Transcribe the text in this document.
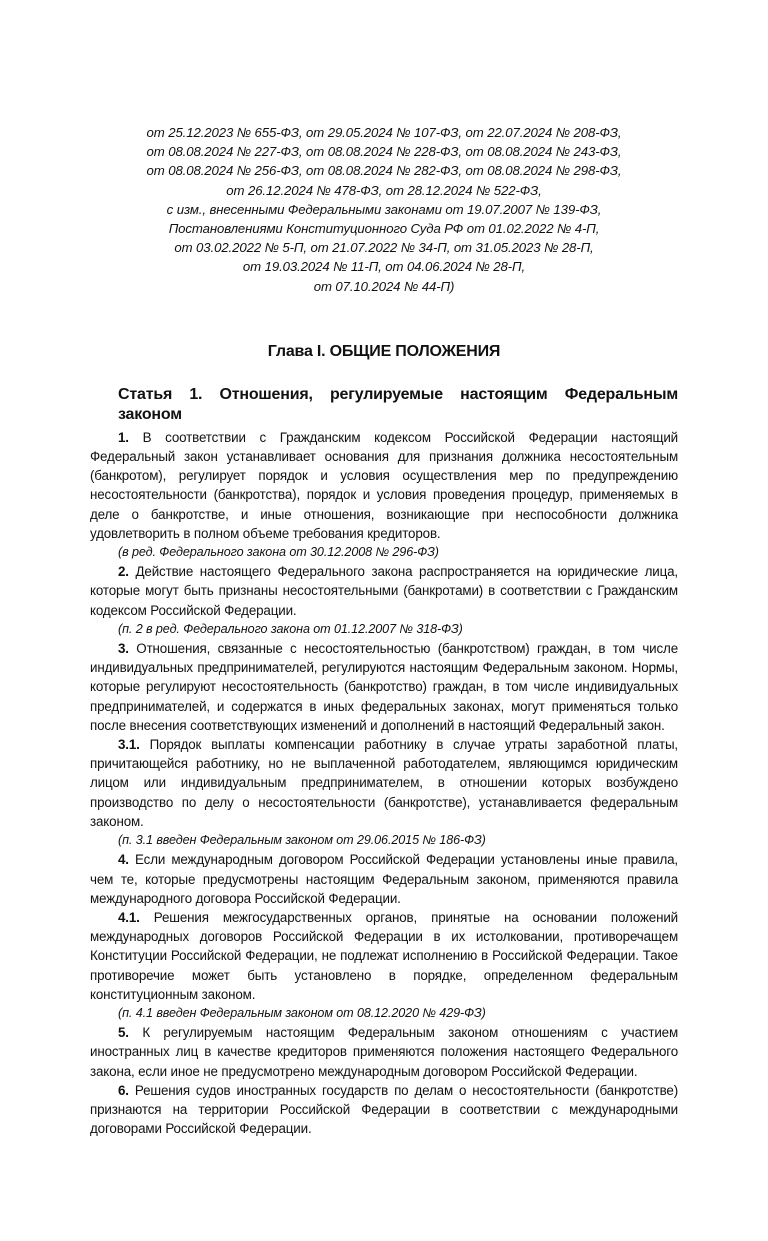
от 25.12.2023 № 655-ФЗ, от 29.05.2024 № 107-ФЗ, от 22.07.2024 № 208-ФЗ,
от 08.08.2024 № 227-ФЗ, от 08.08.2024 № 228-ФЗ, от 08.08.2024 № 243-ФЗ,
от 08.08.2024 № 256-ФЗ, от 08.08.2024 № 282-ФЗ, от 08.08.2024 № 298-ФЗ,
от 26.12.2024 № 478-ФЗ, от 28.12.2024 № 522-ФЗ,
с изм., внесенными Федеральными законами от 19.07.2007 № 139-ФЗ,
Постановлениями Конституционного Суда РФ от 01.02.2022 № 4-П,
от 03.02.2022 № 5-П, от 21.07.2022 № 34-П, от 31.05.2023 № 28-П,
от 19.03.2024 № 11-П, от 04.06.2024 № 28-П,
от 07.10.2024 № 44-П)
Глава I. ОБЩИЕ ПОЛОЖЕНИЯ
Статья 1. Отношения, регулируемые настоящим Федеральным законом

1. В соответствии с Гражданским кодексом Российской Федерации настоящий Федеральный закон устанавливает основания для признания должника несостоятельным (банкротом), регулирует порядок и условия осуществления мер по предупреждению несостоятельности (банкротства), порядок и условия проведения процедур, применяемых в деле о банкротстве, и иные отношения, возникающие при неспособности должника удовлетворить в полном объеме требования кредиторов.

(в ред. Федерального закона от 30.12.2008 № 296-ФЗ)

2. Действие настоящего Федерального закона распространяется на юридические лица, которые могут быть признаны несостоятельными (банкротами) в соответствии с Гражданским кодексом Российской Федерации.

(п. 2 в ред. Федерального закона от 01.12.2007 № 318-ФЗ)

3. Отношения, связанные с несостоятельностью (банкротством) граждан, в том числе индивидуальных предпринимателей, регулируются настоящим Федеральным законом. Нормы, которые регулируют несостоятельность (банкротство) граждан, в том числе индивидуальных предпринимателей, и содержатся в иных федеральных законах, могут применяться только после внесения соответствующих изменений и дополнений в настоящий Федеральный закон.

3.1. Порядок выплаты компенсации работнику в случае утраты заработной платы, причитающейся работнику, но не выплаченной работодателем, являющимся юридическим лицом или индивидуальным предпринимателем, в отношении которых возбуждено производство по делу о несостоятельности (банкротстве), устанавливается федеральным законом.

(п. 3.1 введен Федеральным законом от 29.06.2015 № 186-ФЗ)

4. Если международным договором Российской Федерации установлены иные правила, чем те, которые предусмотрены настоящим Федеральным законом, применяются правила международного договора Российской Федерации.

4.1. Решения межгосударственных органов, принятые на основании положений международных договоров Российской Федерации в их истолковании, противоречащем Конституции Российской Федерации, не подлежат исполнению в Российской Федерации. Такое противоречие может быть установлено в порядке, определенном федеральным конституционным законом.

(п. 4.1 введен Федеральным законом от 08.12.2020 № 429-ФЗ)

5. К регулируемым настоящим Федеральным законом отношениям с участием иностранных лиц в качестве кредиторов применяются положения настоящего Федерального закона, если иное не предусмотрено международным договором Российской Федерации.

6. Решения судов иностранных государств по делам о несостоятельности (банкротстве) признаются на территории Российской Федерации в соответствии с международными договорами Российской Федерации.
